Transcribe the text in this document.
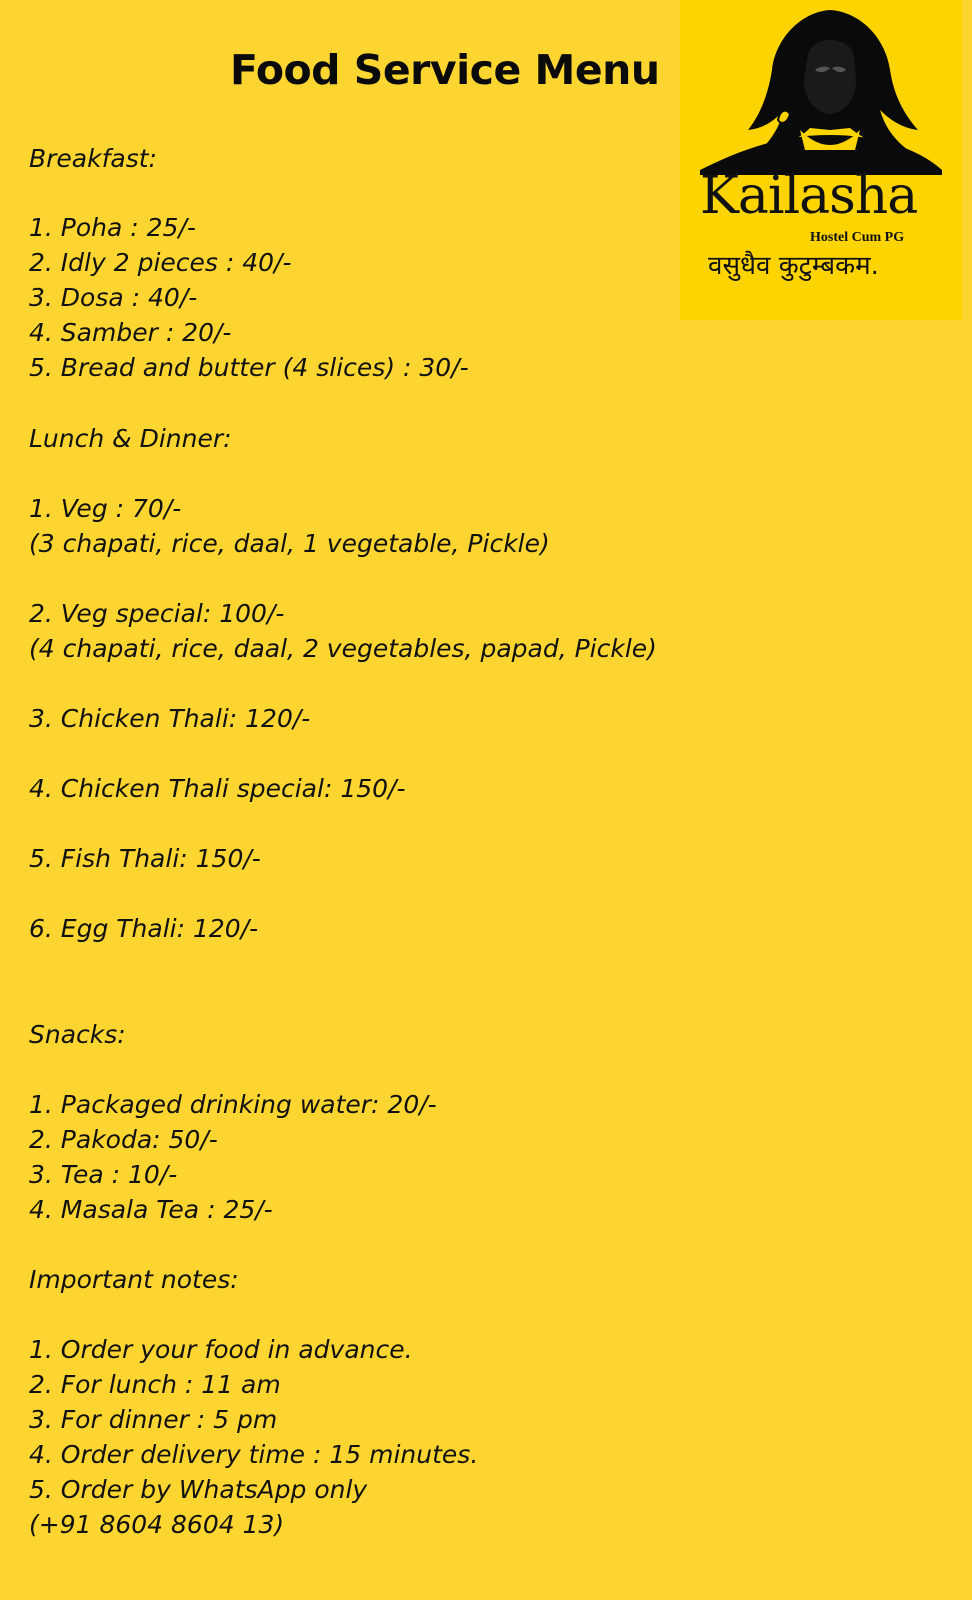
Food Service Menu
Kailasha
Hostel Cum PG
वसुधैव कुटुम्बकम.
Breakfast:
1. Poha : 25/-
2. Idly 2 pieces : 40/-
3. Dosa : 40/-
4. Samber : 20/-
5. Bread and butter (4 slices) : 30/-
Lunch & Dinner:
1. Veg : 70/-
(3 chapati, rice, daal, 1 vegetable, Pickle)
2. Veg special: 100/-
(4 chapati, rice, daal, 2 vegetables, papad, Pickle)
3. Chicken Thali: 120/-
4. Chicken Thali special: 150/-
5. Fish Thali: 150/-
6. Egg Thali: 120/-
Snacks:
1. Packaged drinking water: 20/-
2. Pakoda: 50/-
3. Tea : 10/-
4. Masala Tea : 25/-
Important notes:
1. Order your food in advance.
2. For lunch : 11 am
3. For dinner : 5 pm
4. Order delivery time : 15 minutes.
5. Order by WhatsApp only
(+91 8604 8604 13)
